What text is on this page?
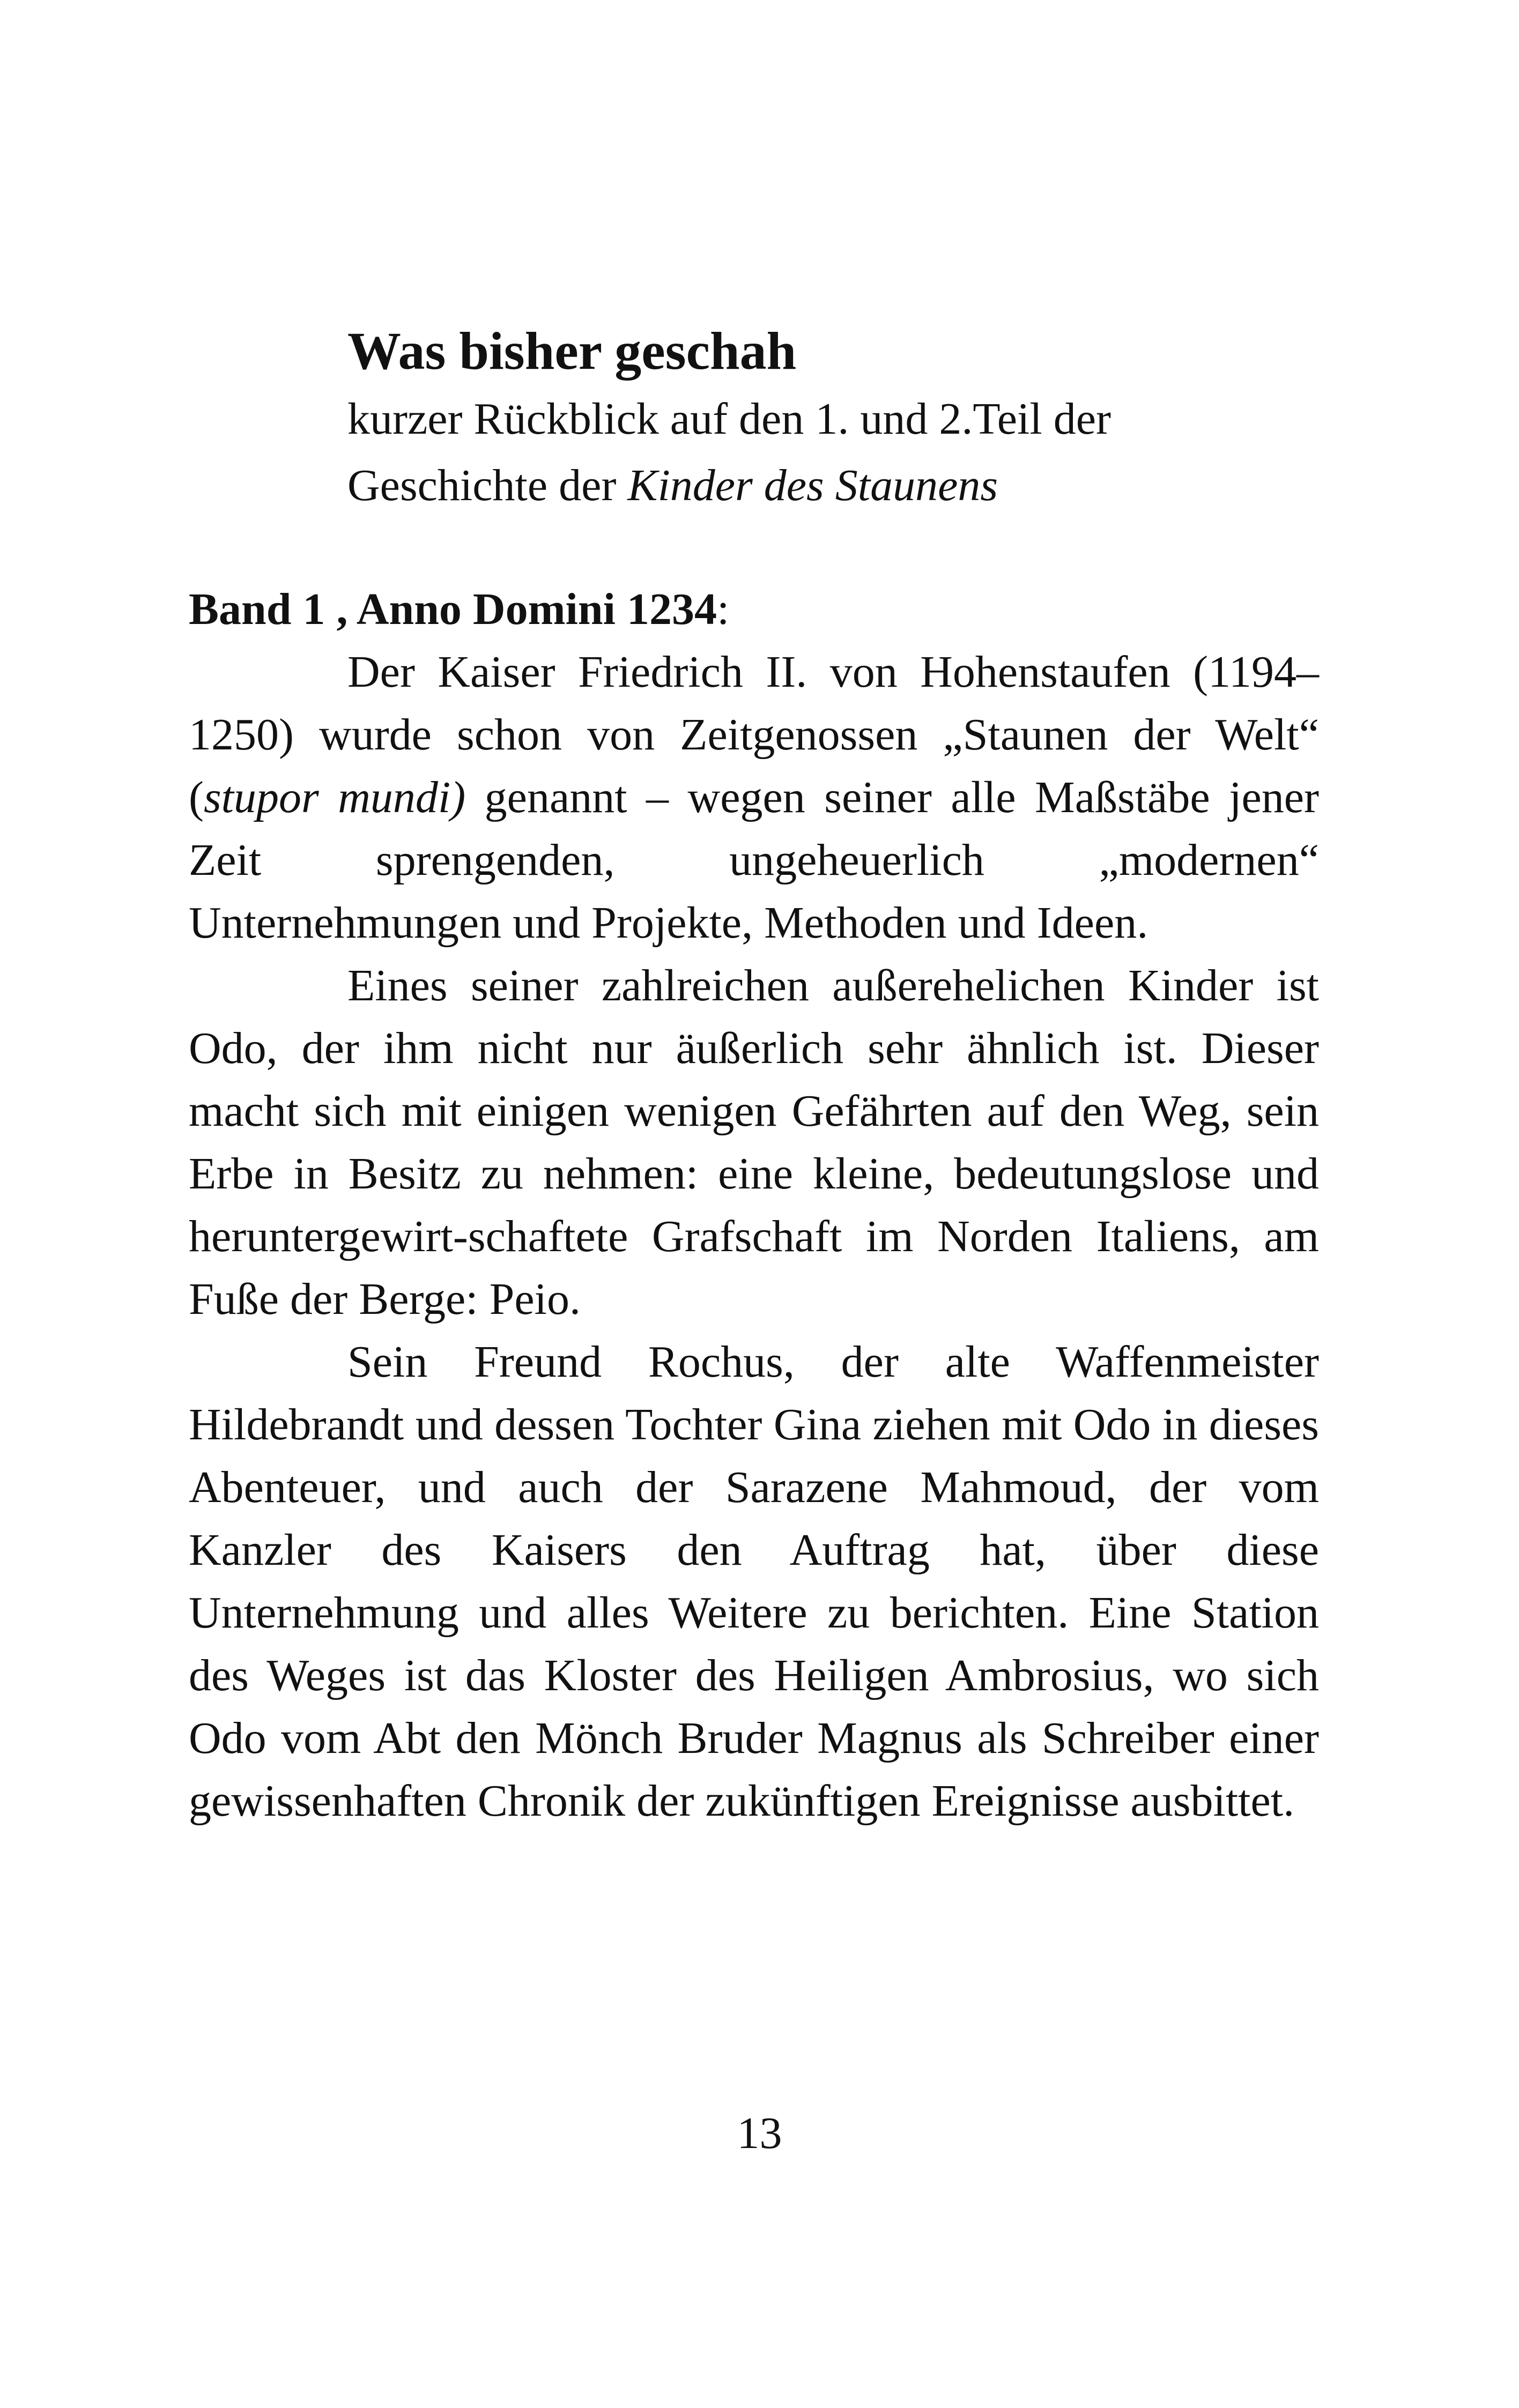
Was bisher geschah

kurzer Rückblick auf den 1. und 2.Teil der

Geschichte der Kinder des Staunens

Band 1 , Anno Domini 1234:

Der Kaiser Friedrich II. von Hohenstaufen (1194–1250) wurde schon von Zeitgenossen „Staunen der Welt“ (stupor mundi) genannt – wegen seiner alle Maßstäbe jener Zeit sprengenden, ungeheuerlich „modernen“ Unternehmungen und Projekte, Methoden und Ideen.

Eines seiner zahlreichen außerehelichen Kinder ist Odo, der ihm nicht nur äußerlich sehr ähnlich ist. Dieser macht sich mit einigen wenigen Gefährten auf den Weg, sein Erbe in Besitz zu nehmen: eine kleine, bedeutungslose und heruntergewirt-schaftete Grafschaft im Norden Italiens, am Fuße der Berge: Peio.

Sein Freund Rochus, der alte Waffenmeister Hildebrandt und dessen Tochter Gina ziehen mit Odo in dieses Abenteuer, und auch der Sarazene Mahmoud, der vom Kanzler des Kaisers den Auftrag hat, über diese Unternehmung und alles Weitere zu berichten. Eine Station des Weges ist das Kloster des Heiligen Ambrosius, wo sich Odo vom Abt den Mönch Bruder Magnus als Schreiber einer gewissenhaften Chronik der zukünftigen Ereignisse ausbittet.

13
